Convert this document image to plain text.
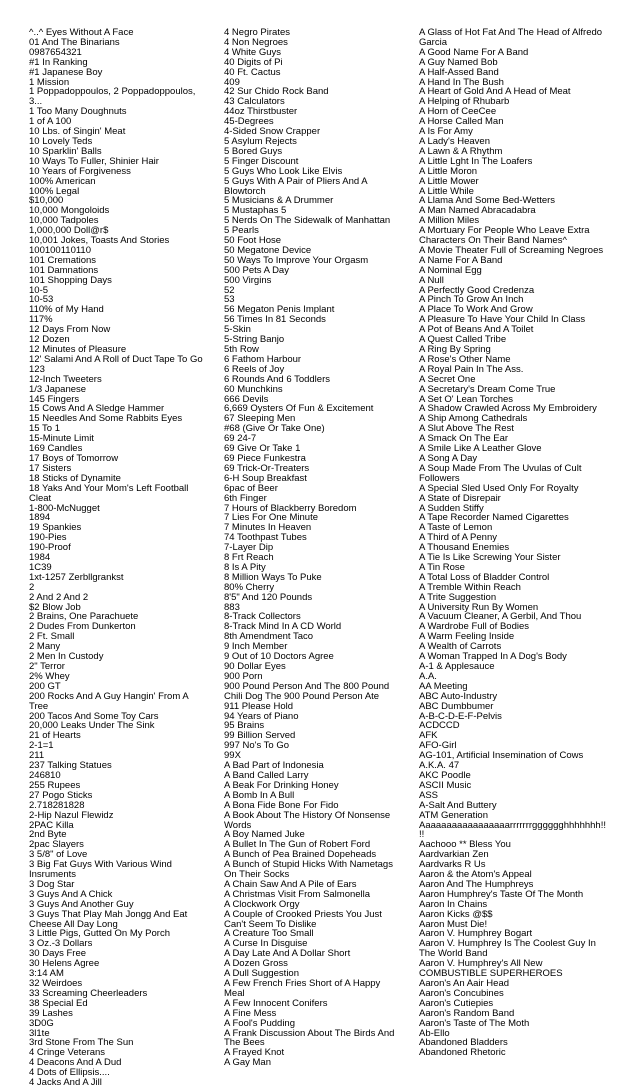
^..^ Eyes Without A Face
01 And The Binarians
0987654321
#1 In Ranking
#1 Japanese Boy
1 Mission
1 Poppadoppoulos, 2 Poppadoppoulos, 3...
1 Too Many Doughnuts
1 of A 100
10 Lbs. of Singin' Meat
10 Lovely Teds
10 Sparklin' Balls
10 Ways To Fuller, Shinier Hair
10 Years of Forgiveness
100% American
100% Legal
$10,000
10,000 Mongoloids
10,000 Tadpoles
1,000,000 Doll@r$
10,001 Jokes, Toasts And Stories
100100110110
101 Cremations
101 Damnations
101 Shopping Days
10-5
10-53
110% of My Hand
117%
12 Days From Now
12 Dozen
12 Minutes of Pleasure
12' Salami And A Roll of Duct Tape To Go
123
12-Inch Tweeters
1/3 Japanese
145 Fingers
15 Cows And A Sledge Hammer
15 Needles And Some Rabbits Eyes
15 To 1
15-Minute Limit
169 Candles
17 Boys of Tomorrow
17 Sisters
18 Sticks of Dynamite
18 Yaks And Your Mom's Left Football Cleat
1-800-McNugget
1894
19 Spankies
190-Pies
190-Proof
1984
1C39
1xt-1257 Zerbllgrankst
2
2 And 2 And 2
$2 Blow Job
2 Brains, One Parachuete
2 Dudes From Dunkerton
2 Ft. Small
2 Many
2 Men In Custody
2" Terror
2% Whey
200 GT
200 Rocks And A Guy Hangin' From A Tree
200 Tacos And Some Toy Cars
20,000 Leaks Under The Sink
21 of Hearts
2-1=1
211
237 Talking Statues
246810
255 Rupees
27 Pogo Sticks
2.718281828
2-Hip Nazul Flewidz
2PAC Killa
2nd Byte
2pac Slayers
3 5/8" of Love
3 Big Fat Guys With Various Wind Insruments
3 Dog Star
3 Guys And A Chick
3 Guys And Another Guy
3 Guys That Play Mah Jongg And Eat Cheese All Day Long
3 Little Pigs, Gutted On My Porch
3 Oz.-3 Dollars
30 Days Free
30 Helens Agree
3:14 AM
32 Weirdoes
33 Screaming Cheerleaders
38 Special Ed
39 Lashes
3D0G
3l1te
3rd Stone From The Sun
4 Cringe Veterans
4 Deacons And A Dud
4 Dots of Ellipsis....
4 Jacks And A Jill
4 Negro Pirates
4 Non Negroes
4 White Guys
40 Digits of Pi
40 Ft. Cactus
409
42 Sur Chido Rock Band
43 Calculators
44oz Thirstbuster
45-Degrees
4-Sided Snow Crapper
5 Asylum Rejects
5 Bored Guys
5 Finger Discount
5 Guys Who Look Like Elvis
5 Guys With A Pair of Pliers And A Blowtorch
5 Musicians & A Drummer
5 Mustaphas 5
5 Nerds On The Sidewalk of Manhattan
5 Pearls
50 Foot Hose
50 Megatone Device
50 Ways To Improve Your Orgasm
500 Pets A Day
500 Virgins
52
53
56 Megaton Penis Implant
56 Times In 81 Seconds
5-Skin
5-String Banjo
5th Row
6 Fathom Harbour
6 Reels of Joy
6 Rounds And 6 Toddlers
60 Munchkins
666 Devils
6,669 Oysters Of Fun & Excitement
67 Sleeping Men
#68 (Give Or Take One)
69 24-7
69 Give Or Take 1
69 Piece Funkestra
69 Trick-Or-Treaters
6-H Soup Breakfast
6pac of Beer
6th Finger
7 Hours of Blackberry Boredom
7 Lies For One Minute
7 Minutes In Heaven
74 Toothpast Tubes
7-Layer Dip
8 Frt Reach
8 Is A Pity
8 Million Ways To Puke
80% Cherry
8'5" And 120 Pounds
883
8-Track Collectors
8-Track Mind In A CD World
8th Amendment Taco
9 Inch Member
9 Out of 10 Doctors Agree
90 Dollar Eyes
900 Porn
900 Pound Person And The 800 Pound Chili Dog The 900 Pound Person Ate
911 Please Hold
94 Years of Piano
95 Brains
99 Billion Served
997 No's To Go
99X
A Bad Part of Indonesia
A Band Called Larry
A Beak For Drinking Honey
A Bomb In A Bull
A Bona Fide Bone For Fido
A Book About The History Of Nonsense Words
A Boy Named Juke
A Bullet In The Gun of Robert Ford
A Bunch of Pea Brained Dopeheads
A Bunch of Stupid Hicks With Nametags On Their Socks
A Chain Saw And A Pile of Ears
A Christmas Visit From Salmonella
A Clockwork Orgy
A Couple of Crooked Priests You Just Can't Seem To Dislike
A Creature Too Small
A Curse In Disguise
A Day Late And A Dollar Short
A Dozen Gross
A Dull Suggestion
A Few French Fries Short of A Happy Meal
A Few Innocent Conifers
A Fine Mess
A Fool's Pudding
A Frank Discussion About The Birds And The Bees
A Frayed Knot
A Gay Man
A Glass of Hot Fat And The Head of Alfredo Garcia
A Good Name For A Band
A Guy Named Bob
A Half-Assed Band
A Hand In The Bush
A Heart of Gold And A Head of Meat
A Helping of Rhubarb
A Horn of CeeCee
A Horse Called Man
A Is For Amy
A Lady's Heaven
A Lawn & A Rhythm
A Little Lght In The Loafers
A Little Moron
A Little Mower
A Little While
A Llama And Some Bed-Wetters
A Man Named Abracadabra
A Million Miles
A Mortuary For People Who Leave Extra Characters On Their Band Names^
A Movie Theater Full of Screaming Negroes
A Name For A Band
A Nominal Egg
A Null
A Perfectly Good Credenza
A Pinch To Grow An Inch
A Place To Work And Grow
A Pleasure To Have Your Child In Class
A Pot of Beans And A Toilet
A Quest Called Tribe
A Ring By Spring
A Rose's Other Name
A Royal Pain In The Ass.
A Secret One
A Secretary's Dream Come True
A Set O' Lean Torches
A Shadow Crawled Across My Embroidery
A Ship Among Cathedrals
A Slut Above The Rest
A Smack On The Ear
A Smile Like A Leather Glove
A Song A Day
A Soup Made From The Uvulas of Cult Followers
A Special Sled Used Only For Royalty
A State of Disrepair
A Sudden Stiffy
A Tape Recorder Named Cigarettes
A Taste of Lemon
A Third of A Penny
A Thousand Enemies
A Tie Is Like Screwing Your Sister
A Tin Rose
A Total Loss of Bladder Control
A Tremble Within Reach
A Trite Suggestion
A University Run By Women
A Vacuum Cleaner, A Gerbil, And Thou
A Wardrobe Full of Bodies
A Warm Feeling Inside
A Wealth of Carrots
A Woman Trapped In A Dog's Body
A-1 & Applesauce
A.A.
AA Meeting
ABC Auto-Industry
ABC Dumbbumer
A-B-C-D-E-F-Pelvis
ACDCCD
AFK
AFO-Girl
AG-101, Artificial Insemination of Cows
A.K.A. 47
AKC Poodle
ASCII Music
ASS
A-Salt And Buttery
ATM Generation
Aaaaaaaaaaaaaaaaarrrrrrrgggggghhhhhhh!!!!
Aachooo ** Bless You
Aardvarkian Zen
Aardvarks R Us
Aaron & the Atom's Appeal
Aaron And The Humphreys
Aaron Humphrey's Taste Of The Month
Aaron In Chains
Aaron Kicks @$$
Aaron Must Die!
Aaron V. Humphrey Bogart
Aaron V. Humphrey Is The Coolest Guy In The World Band
Aaron V. Humphrey's All New COMBUSTIBLE SUPERHEROES
Aaron's An Aair Head
Aaron's Concubines
Aaron's Cutiepies
Aaron's Random Band
Aaron's Taste of The Moth
Ab-Ello
Abandoned Bladders
Abandoned Rhetoric
